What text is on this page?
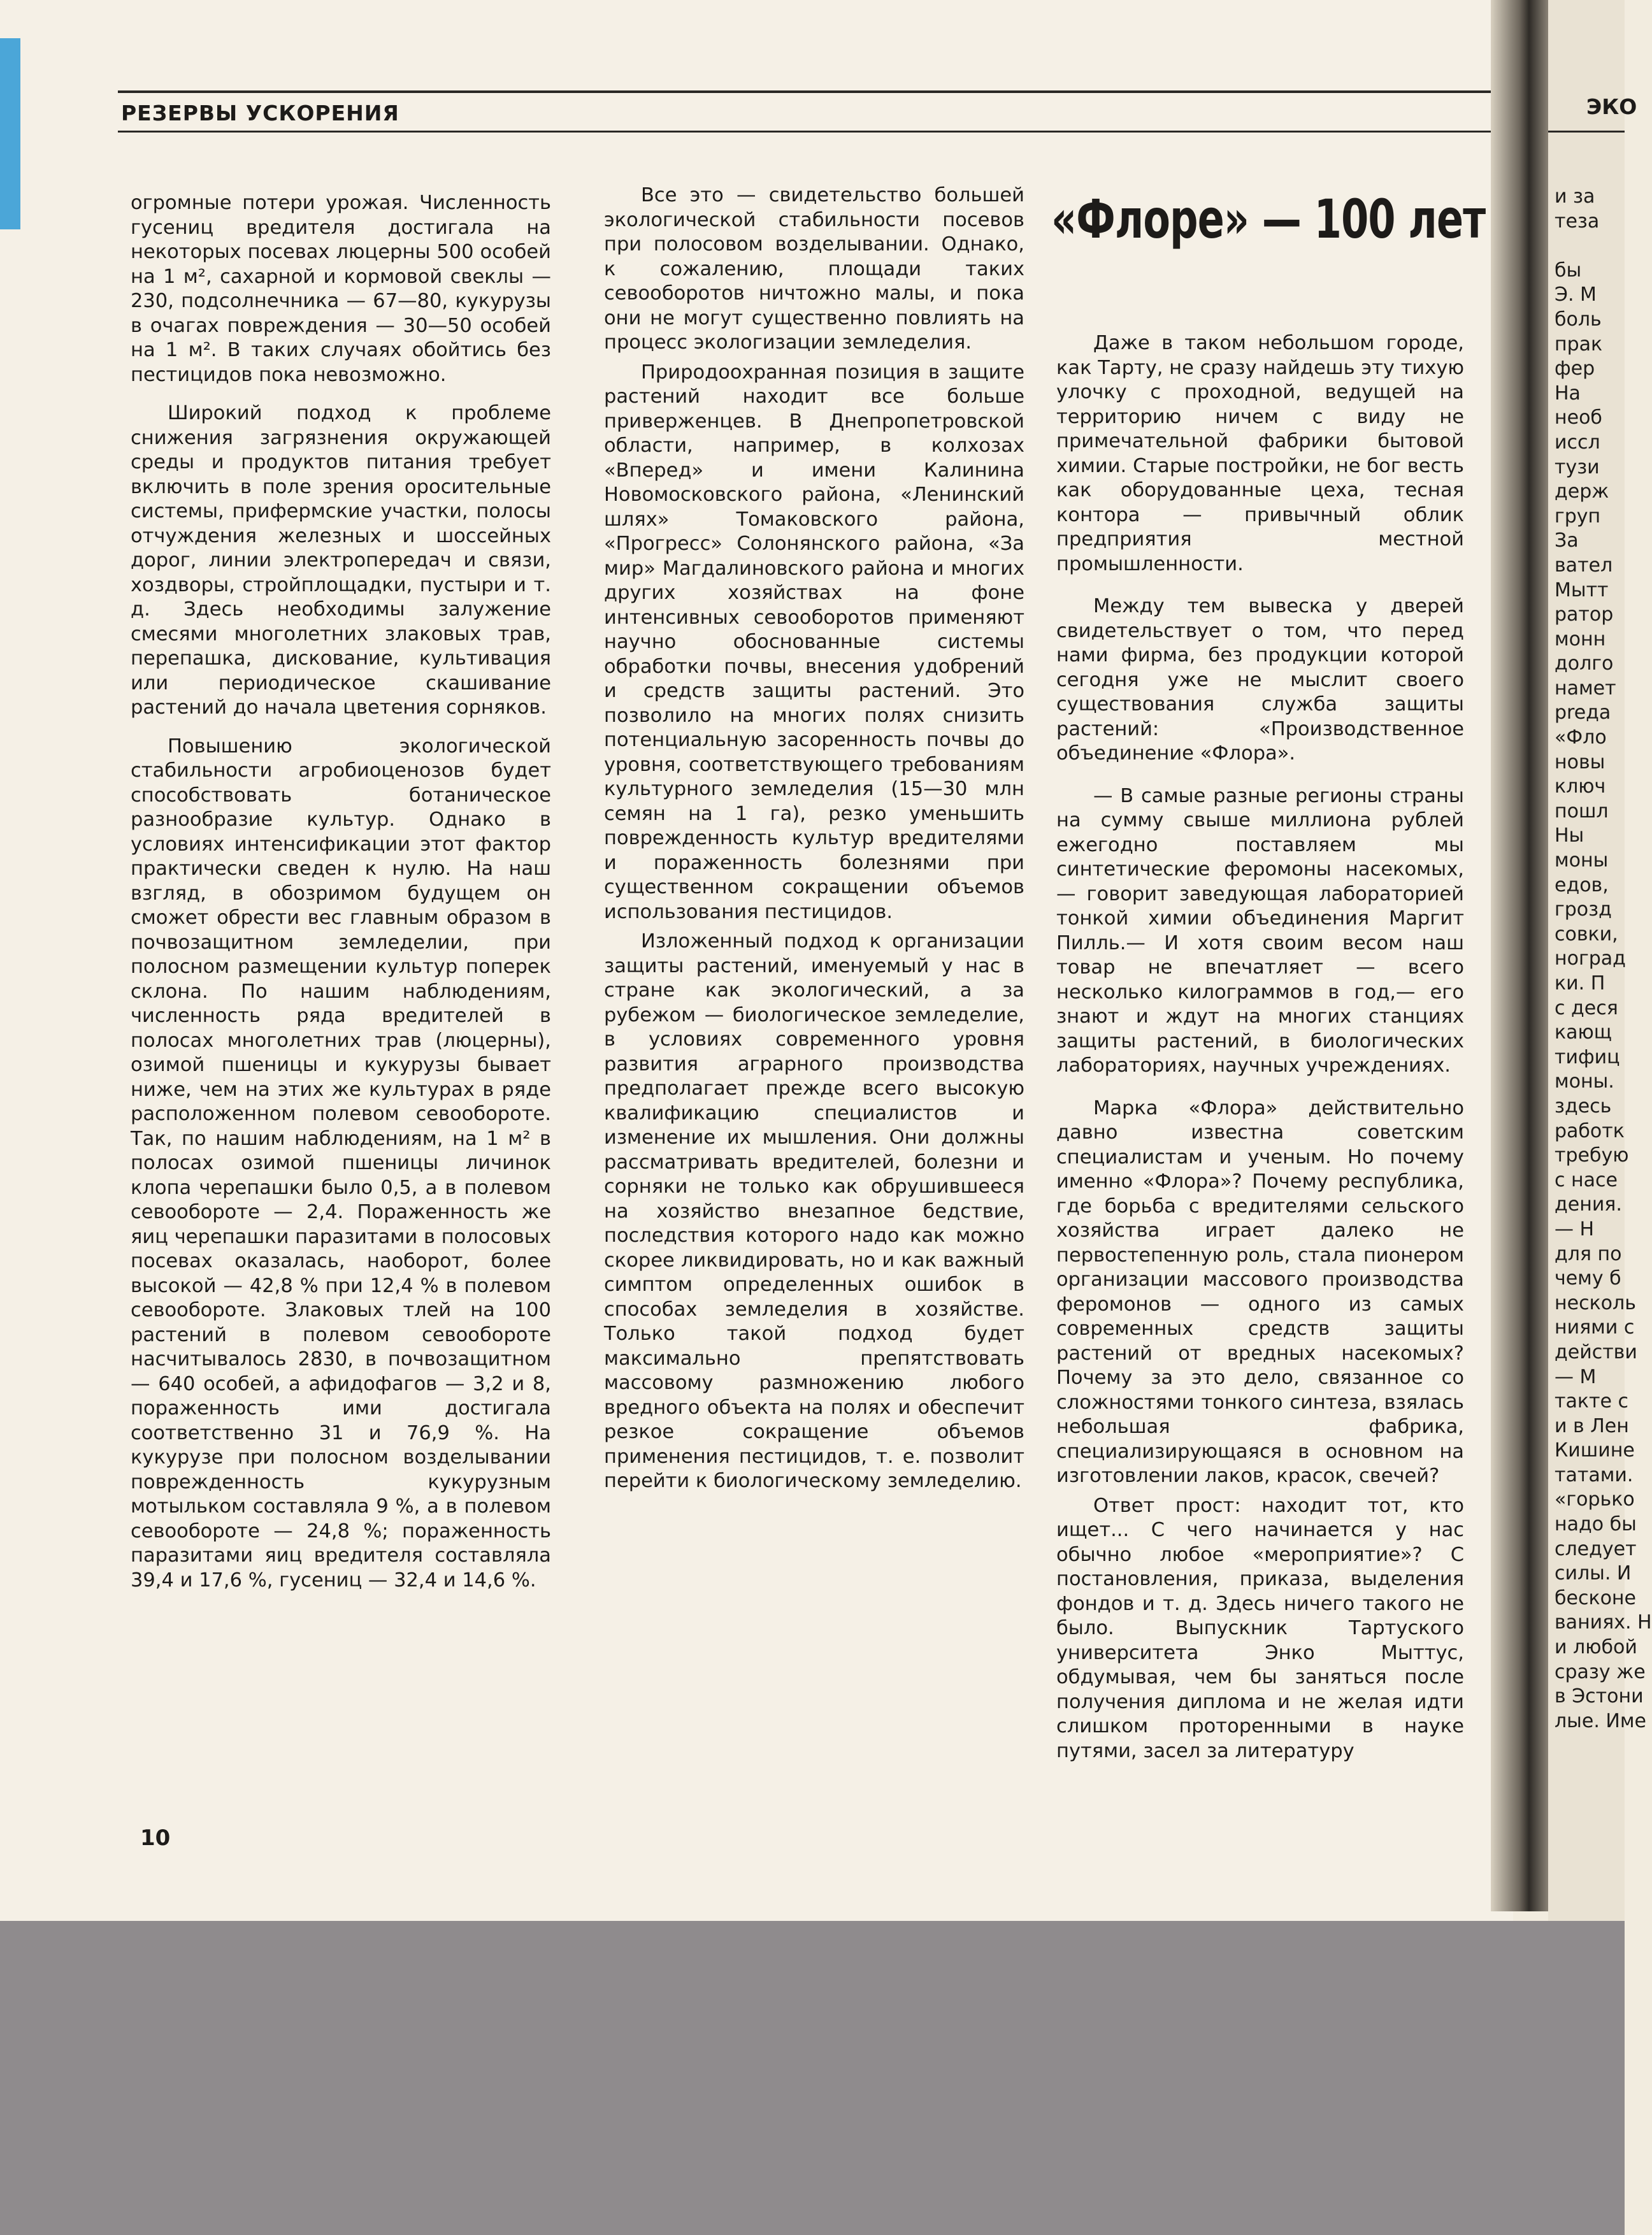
РЕЗЕРВЫ УСКОРЕНИЯ	ЭКО

огромные потери урожая. Численность гусениц вредителя достигала на некоторых посевах люцерны 500 особей на 1 м², сахарной и кормовой свеклы — 230, подсолнечника — 67—80, кукурузы в очагах повреждения — 30—50 особей на 1 м². В таких случаях обойтись без пестицидов пока невозможно.

Широкий подход к проблеме снижения загрязнения окружающей среды и продуктов питания требует включить в поле зрения оросительные системы, прифермские участки, полосы отчуждения железных и шоссейных дорог, линии электропередач и связи, хоздворы, стройплощадки, пустыри и т. д. Здесь необходимы залужение смесями многолетних злаковых трав, перепашка, дискование, культивация или периодическое скашивание растений до начала цветения сорняков.

Повышению экологической стабильности агробиоценозов будет способствовать ботаническое разнообразие культур. Однако в условиях интенсификации этот фактор практически сведен к нулю. На наш взгляд, в обозримом будущем он сможет обрести вес главным образом в почвозащитном земледелии, при полосном размещении культур поперек склона. По нашим наблюдениям, численность ряда вредителей в полосах многолетних трав (люцерны), озимой пшеницы и кукурузы бывает ниже, чем на этих же культурах в ряде расположенном полевом севообороте. Так, по нашим наблюдениям, на 1 м² в полосах озимой пшеницы личинок клопа черепашки было 0,5, а в полевом севообороте — 2,4. Пораженность же яиц черепашки паразитами в полосовых посевах оказалась, наоборот, более высокой — 42,8 % при 12,4 % в полевом севообороте. Злаковых тлей на 100 растений в полевом севообороте насчитывалось 2830, в почвозащитном — 640 особей, а афидофагов — 3,2 и 8, пораженность ими достигала соответственно 31 и 76,9 %. На кукурузе при полосном возделывании поврежденность кукурузным мотыльком составляла 9 %, а в полевом севообороте — 24,8 %; пораженность паразитами яиц вредителя составляла 39,4 и 17,6 %, гусениц — 32,4 и 14,6 %.

Все это — свидетельство большей экологической стабильности посевов при полосовом возделывании. Однако, к сожалению, площади таких севооборотов ничтожно малы, и пока они не могут существенно повлиять на процесс экологизации земледелия.

Природоохранная позиция в защите растений находит все больше приверженцев. В Днепропетровской области, например, в колхозах «Вперед» и имени Калинина Новомосковского района, «Ленинский шлях» Томаковского района, «Прогресс» Солонянского района, «За мир» Магдалиновского района и многих других хозяйствах на фоне интенсивных севооборотов применяют научно обоснованные системы обработки почвы, внесения удобрений и средств защиты растений. Это позволило на многих полях снизить потенциальную засоренность почвы до уровня, соответствующего требованиям культурного земледелия (15—30 млн семян на 1 га), резко уменьшить поврежденность культур вредителями и пораженность болезнями при существенном сокращении объемов использования пестицидов.

Изложенный подход к организации защиты растений, именуемый у нас в стране как экологический, а за рубежом — биологическое земледелие, в условиях современного уровня развития аграрного производства предполагает прежде всего высокую квалификацию специалистов и изменение их мышления. Они должны рассматривать вредителей, болезни и сорняки не только как обрушившееся на хозяйство внезапное бедствие, последствия которого надо как можно скорее ликвидировать, но и как важный симптом определенных ошибок в способах земледелия в хозяйстве. Только такой подход будет максимально препятствовать массовому размножению любого вредного объекта на полях и обеспечит резкое сокращение объемов применения пестицидов, т. е. позволит перейти к биологическому земледелию.

«Флоре» — 100 лет

Даже в таком небольшом городе, как Тарту, не сразу найдешь эту тихую улочку с проходной, ведущей на территорию ничем с виду не примечательной фабрики бытовой химии. Старые постройки, не бог весть как оборудованные цеха, тесная контора — привычный облик предприятия местной промышленности.

Между тем вывеска у дверей свидетельствует о том, что перед нами фирма, без продукции которой сегодня уже не мыслит своего существования служба защиты растений: «Производственное объединение «Флора».

— В самые разные регионы страны на сумму свыше миллиона рублей ежегодно поставляем мы синтетические феромоны насекомых,— говорит заведующая лабораторией тонкой химии объединения Маргит Пилль.— И хотя своим весом наш товар не впечатляет — всего несколько килограммов в год,— его знают и ждут на многих станциях защиты растений, в биологических лабораториях, научных учреждениях.

Марка «Флора» действительно давно известна советским специалистам и ученым. Но почему именно «Флора»? Почему республика, где борьба с вредителями сельского хозяйства играет далеко не первостепенную роль, стала пионером организации массового производства феромонов — одного из самых современных средств защиты растений от вредных насекомых? Почему за это дело, связанное со сложностями тонкого синтеза, взялась небольшая фабрика, специализирующаяся в основном на изготовлении лаков, красок, свечей?

Ответ прост: находит тот, кто ищет... С чего начинается у нас обычно любое «мероприятие»? С постановления, приказа, выделения фондов и т. д. Здесь ничего такого не было. Выпускник Тартуского университета Энко Мыттус, обдумывая, чем бы заняться после получения диплома и не желая идти слишком проторенными в науке путями, засел за литературу

и за
теза

бы
Э. М
боль
прак
фер
На
необ
иссл
тузи
держ
груп
За
вател
Мытт
ратор
монн
долго
намет
preда
«Фло
новы
ключ
пошл
Ны
моны
едов,
грозд
совки,
ноград
ки. П
с деся
кающ
тифиц
моны.
здесь
работк
требую
с насе
дения.
— Н
для по
чему б
несколь
ниями с
действи
— М
такте с
и в Лен
Кишине
татами.
«горько
надо бы
следует
силы. И
бесконе
ваниях. Н
и любой
сразу же
в Эстони
лые. Име
10
